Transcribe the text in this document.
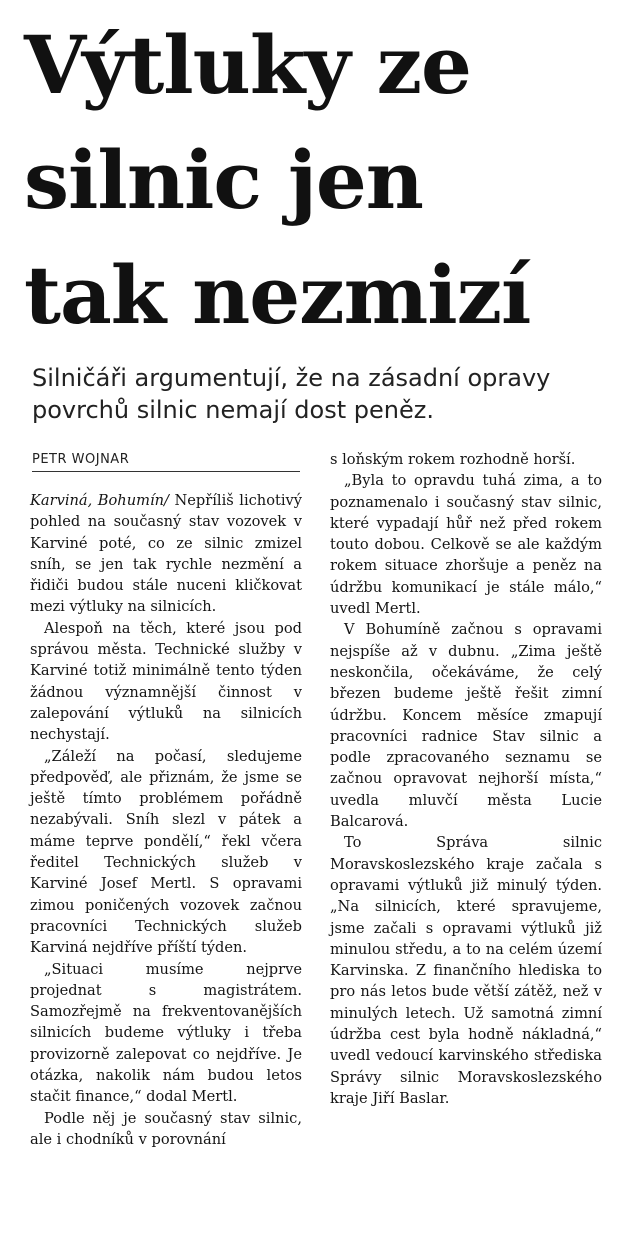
Výtluky ze
silnic jen
tak nezmizí

Silničáři argumentují, že na zásadní opravy povrchů silnic nemají dost peněz.

PETR WOJNAR

Karviná, Bohumín/ Nepříliš lichotivý pohled na současný stav vozovek v Karviné poté, co ze silnic zmizel sníh, se jen tak rychle nezmění a řidiči budou stále nuceni kličkovat mezi výtluky na silnicích.

Alespoň na těch, které jsou pod správou města. Technické služby v Karviné totiž minimálně tento týden žádnou významnější činnost v zalepování výtluků na silnicích nechystají.

„Záleží na počasí, sledujeme předpověď, ale přiznám, že jsme se ještě tímto problémem pořádně nezabývali. Sníh slezl v pátek a máme teprve pondělí,“ řekl včera ředitel Technických služeb v Karviné Josef Mertl. S opravami zimou poničených vozovek začnou pracovníci Technických služeb Karviná nejdříve příští týden.

„Situaci musíme nejprve projednat s magistrátem. Samozřejmě na frekventovanějších silnicích budeme výtluky i třeba provizorně zalepovat co nejdříve. Je otázka, nakolik nám budou letos stačit finance,“ dodal Mertl.

Podle něj je současný stav silnic, ale i chodníků v porovnání

s loňským rokem rozhodně horší.

„Byla to opravdu tuhá zima, a to poznamenalo i současný stav silnic, které vypadají hůř než před rokem touto dobou. Celkově se ale každým rokem situace zhoršuje a peněz na údržbu komunikací je stále málo,“ uvedl Mertl.

V Bohumíně začnou s opravami nejspíše až v dubnu. „Zima ještě neskončila, očekáváme, že celý březen budeme ještě řešit zimní údržbu. Koncem měsíce zmapují pracovníci radnice Stav silnic a podle zpracovaného seznamu se začnou opravovat nejhorší místa,“ uvedla mluvčí města Lucie Balcarová.

To Správa silnic Moravskoslezského kraje začala s opravami výtluků již minulý týden. „Na silnicích, které spravujeme, jsme začali s opravami výtluků již minulou středu, a to na celém území Karvinska. Z finančního hlediska to pro nás letos bude větší zátěž, než v minulých letech. Už samotná zimní údržba cest byla hodně nákladná,“ uvedl vedoucí karvinského střediska Správy silnic Moravskoslezského kraje Jiří Baslar.
